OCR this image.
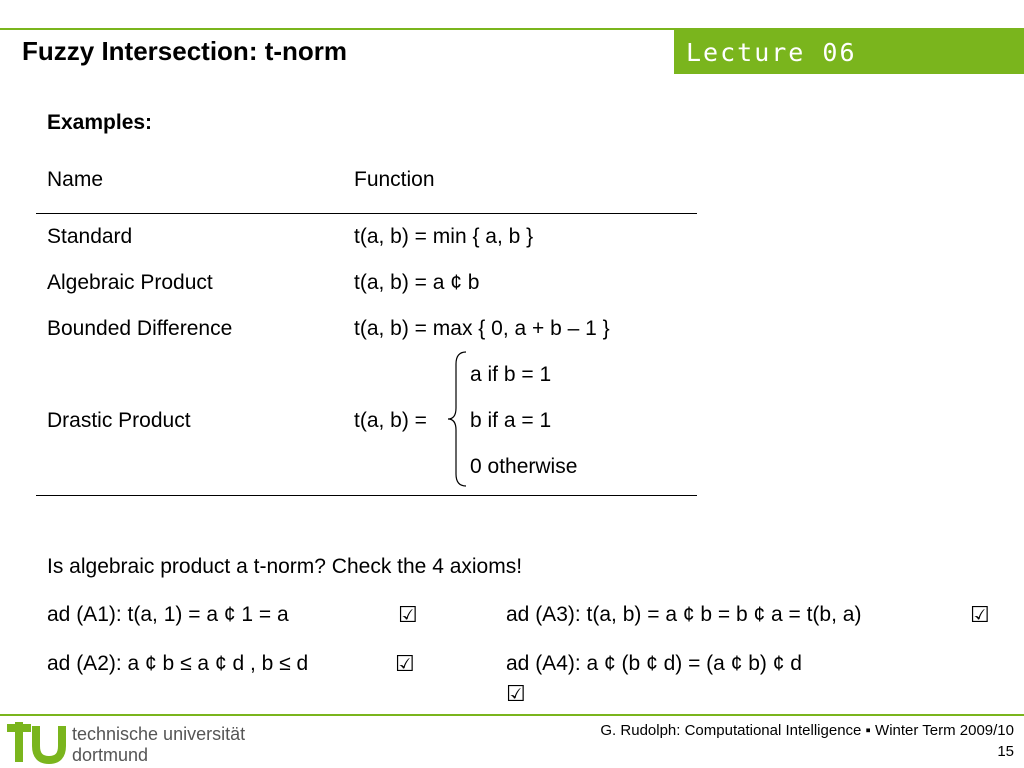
Fuzzy Intersection: t-norm	Lecture 06
Examples:
Name	Function
Standard	t(a, b) = min { a, b }
Algebraic Product	t(a, b) = a ¢ b
Bounded Difference	t(a, b) = max { 0, a + b – 1 }
Drastic Product	t(a, b) =
a if b = 1
b if a = 1
0 otherwise
Is algebraic product a t-norm? Check the 4 axioms!
ad (A1): t(a, 1) = a ¢ 1 = a	☑	ad (A3): t(a, b) = a ¢ b = b ¢ a = t(b, a)	☑
ad (A2): a ¢ b ≤ a ¢ d , b ≤ d	☑	ad (A4): a ¢ (b ¢ d) = (a ¢ b) ¢ d
☑
technische universität
dortmund
G. Rudolph: Computational Intelligence ▪ Winter Term 2009/10
15
